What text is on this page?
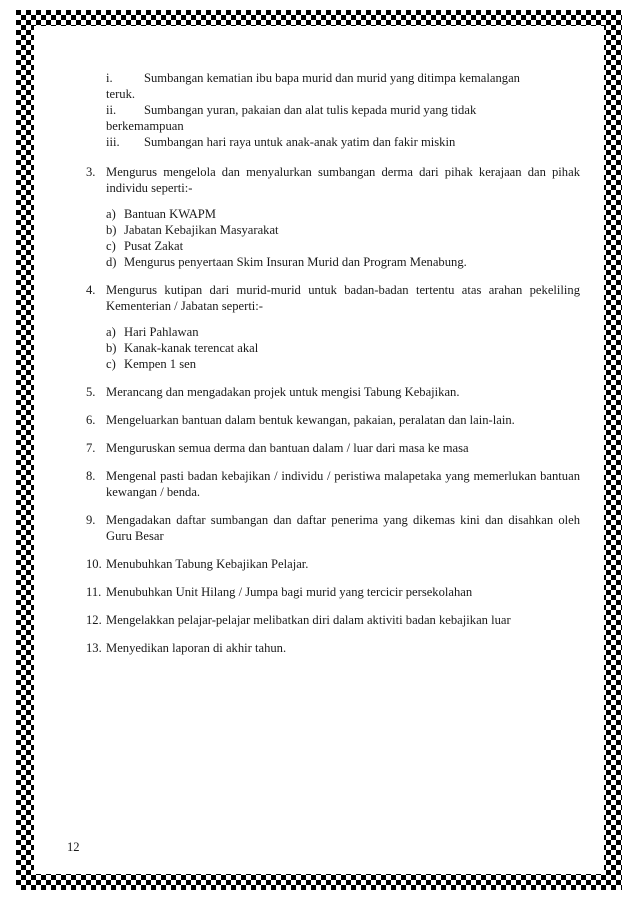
i.	Sumbangan kematian ibu bapa murid dan murid yang ditimpa kemalangan
teruk.
ii.	Sumbangan yuran, pakaian dan alat tulis kepada murid yang tidak
berkemampuan
iii.	Sumbangan hari raya untuk anak-anak yatim dan fakir miskin
3. Mengurus mengelola dan menyalurkan sumbangan derma dari pihak kerajaan dan pihak individu seperti:-
a) Bantuan KWAPM
b) Jabatan Kebajikan Masyarakat
c) Pusat Zakat
d) Mengurus penyertaan Skim Insuran Murid dan Program Menabung.
4. Mengurus kutipan dari murid-murid untuk badan-badan tertentu atas arahan pekeliling Kementerian / Jabatan seperti:-
a) Hari Pahlawan
b) Kanak-kanak terencat akal
c) Kempen 1 sen
5. Merancang dan mengadakan projek untuk mengisi Tabung Kebajikan.
6. Mengeluarkan bantuan dalam bentuk kewangan, pakaian, peralatan dan lain-lain.
7. Menguruskan semua derma dan bantuan dalam / luar dari masa ke masa
8. Mengenal pasti badan kebajikan / individu / peristiwa malapetaka yang memerlukan bantuan kewangan / benda.
9. Mengadakan daftar sumbangan dan daftar penerima yang dikemas kini dan disahkan oleh Guru Besar
10. Menubuhkan Tabung Kebajikan Pelajar.
11. Menubuhkan Unit Hilang / Jumpa bagi murid yang tercicir persekolahan
12. Mengelakkan pelajar-pelajar melibatkan diri dalam aktiviti badan kebajikan luar
13. Menyedikan laporan di akhir tahun.
12
